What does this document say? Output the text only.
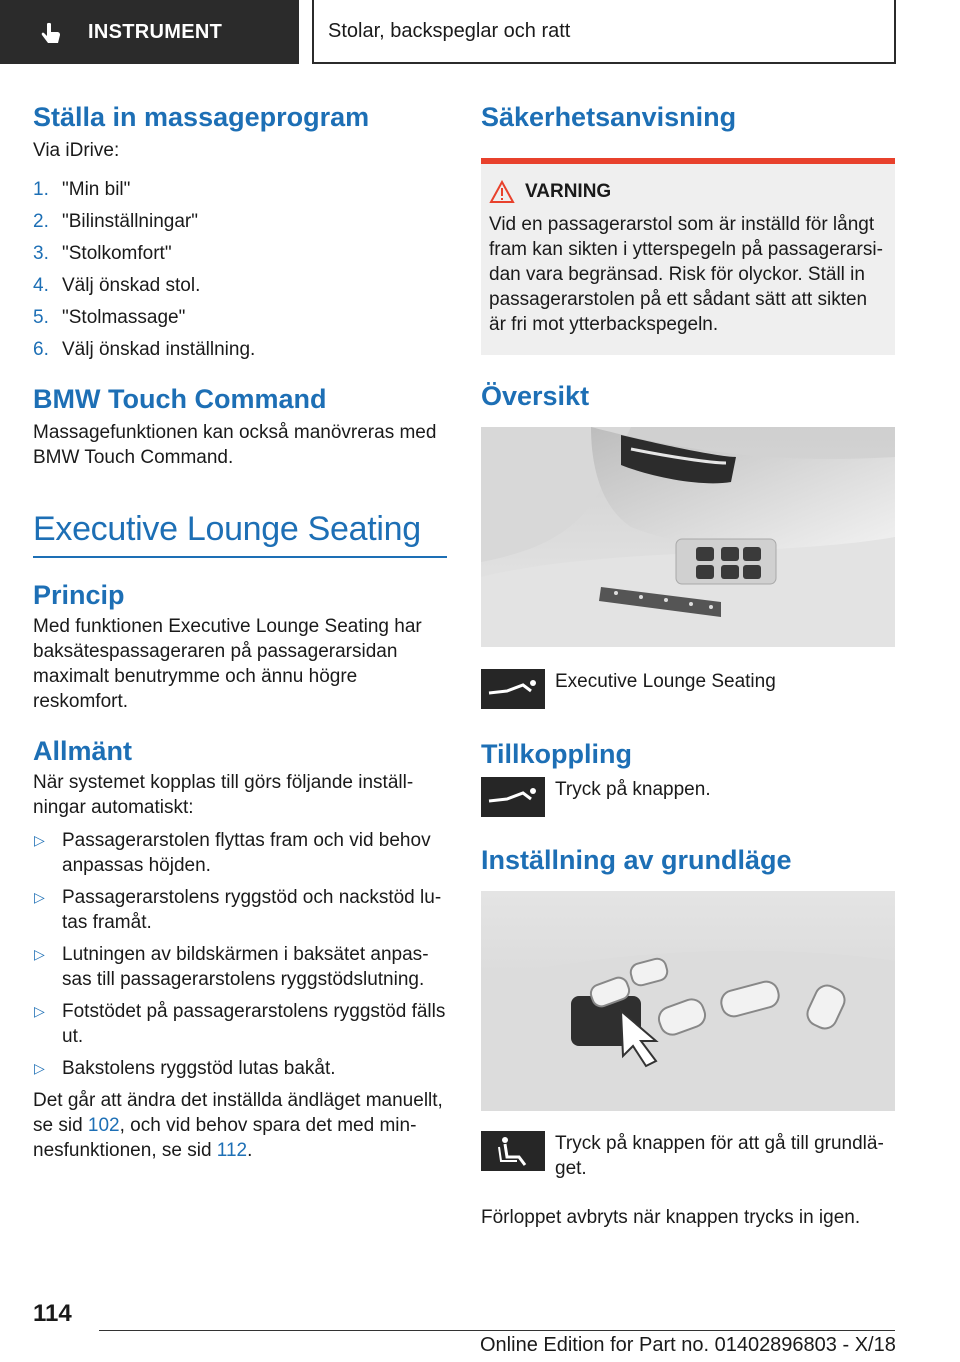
INSTRUMENT	Stolar, backspeglar och ratt
Ställa in massageprogram

Via iDrive:

1. "Min bil"
2. "Bilinställningar"
3. "Stolkomfort"
4. Välj önskad stol.
5. "Stolmassage"
6. Välj önskad inställning.
BMW Touch Command

Massagefunktionen kan också manövreras med BMW Touch Command.

Executive Lounge Seating
Princip

Med funktionen Executive Lounge Seating har baksätespassageraren på passagerarsidan maximalt benutrymme och ännu högre reskomfort.

Allmänt

När systemet kopplas till görs följande inställningar automatiskt:

▷ Passagerarstolen flyttas fram och vid behov anpassas höjden.
▷ Passagerarstolens ryggstöd och nackstöd lutas framåt.
▷ Lutningen av bildskärmen i baksätet anpassas till passagerarstolens ryggstödslutning.
▷ Fotstödet på passagerarstolens ryggstöd fälls ut.
▷ Bakstolens ryggstöd lutas bakåt.

Det går att ändra det inställda ändläget manuellt, se sid 102, och vid behov spara det med minnesfunktionen, se sid 112.

Säkerhetsanvisning
VARNING

Vid en passagerarstol som är inställd för långt fram kan sikten i ytterspegeln på passagerarsidan vara begränsad. Risk för olyckor. Ställ in passagerarstolen på ett sådant sätt att sikten är fri mot ytterbackspegeln.

Översikt

Executive Lounge Seating

Tillkoppling

Tryck på knappen.

Inställning av grundläge

Tryck på knappen för att gå till grundläget.

Förloppet avbryts när knappen trycks in igen.

114
Online Edition for Part no. 01402896803 - X/18
